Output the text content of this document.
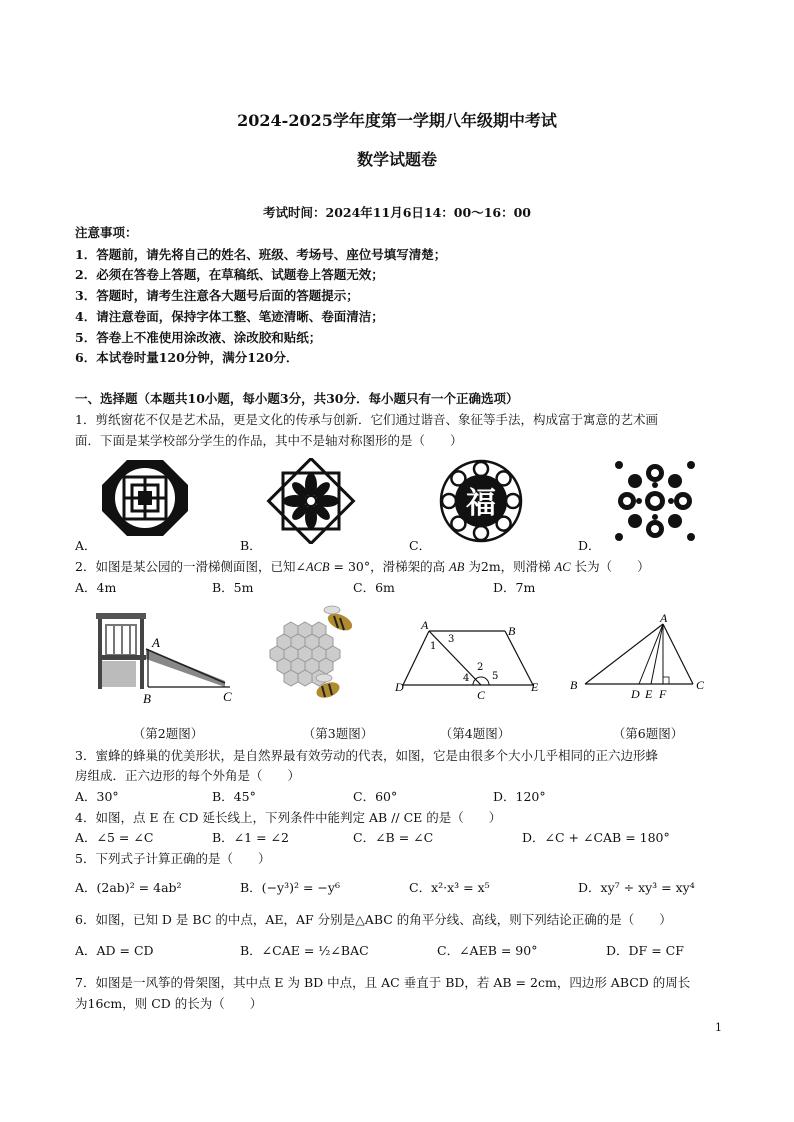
2024-2025学年度第一学期八年级期中考试
数学试题卷
考试时间：2024年11月6日14：00～16：00
注意事项：
1．答题前，请先将自己的姓名、班级、考场号、座位号填写清楚；
2．必须在答卷上答题，在草稿纸、试题卷上答题无效；
3．答题时，请考生注意各大题号后面的答题提示；
4．请注意卷面，保持字体工整、笔迹清晰、卷面清洁；
5．答卷上不准使用涂改液、涂改胶和贴纸；
6．本试卷时量120分钟，满分120分．
一、选择题（本题共10小题，每小题3分，共30分．每小题只有一个正确选项）
1．剪纸窗花不仅是艺术品，更是文化的传承与创新．它们通过谐音、象征等手法，构成富于寓意的艺术画
面．下面是某学校部分学生的作品，其中不是轴对称图形的是（　　）
福
A．	B．	C．	D．
2．如图是某公园的一滑梯侧面图，已知∠ACB = 30°，滑梯架的高 AB 为2m，则滑梯 AC 长为（　　）
A．4m	B．5m	C．6m	D．7m
A
B	C
A	B
D
C
E
1
3
2
4 5
A
B
D E F
C
（第2题图）	（第3题图）	（第4题图）	（第6题图）
3．蜜蜂的蜂巢的优美形状，是自然界最有效劳动的代表，如图，它是由很多个大小几乎相同的正六边形蜂
房组成．正六边形的每个外角是（　　）
A．30°	B．45°	C．60°	D．120°
4．如图，点 E 在 CD 延长线上，下列条件中能判定 AB // CE 的是（　　）
A．∠5 = ∠C	B．∠1 = ∠2	C．∠B = ∠C	D．∠C + ∠CAB = 180°
5．下列式子计算正确的是（　　）
A．(2ab)² = 4ab²	B．(−y³)² = −y⁶	C．x²·x³ = x⁵	D．xy⁷ ÷ xy³ = xy⁴
6．如图，已知 D 是 BC 的中点，AE，AF 分别是△ABC 的角平分线、高线，则下列结论正确的是（　　）
A．AD = CD	B．∠CAE = ½∠BAC	C．∠AEB = 90°	D．DF = CF
7．如图是一风筝的骨架图，其中点 E 为 BD 中点，且 AC 垂直于 BD，若 AB = 2cm，四边形 ABCD 的周长
为16cm，则 CD 的长为（　　）
1
